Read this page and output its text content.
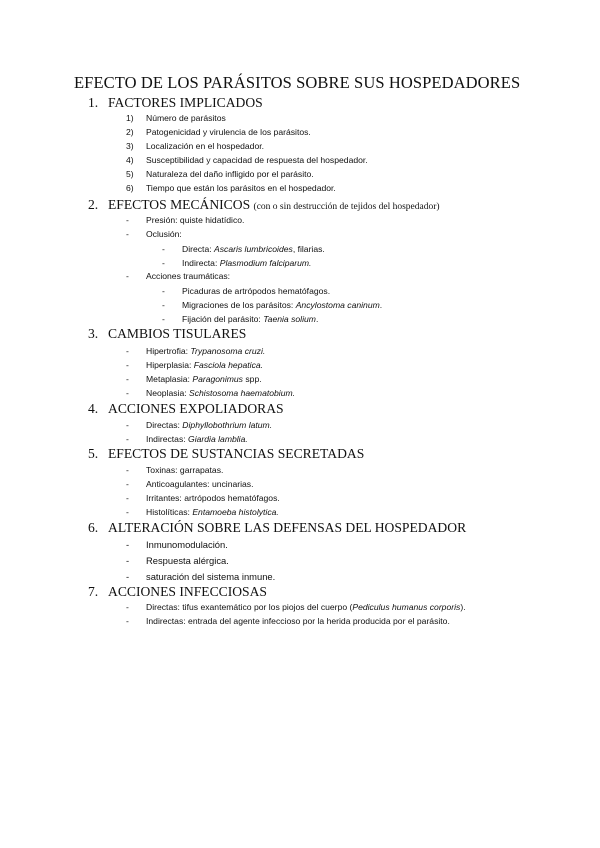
EFECTO DE LOS PARÁSITOS SOBRE SUS HOSPEDADORES
1. FACTORES IMPLICADOS
1) Número de parásitos
2) Patogenicidad y virulencia de los parásitos.
3) Localización en el hospedador.
4) Susceptibilidad y capacidad de respuesta del hospedador.
5) Naturaleza del daño infligido por el parásito.
6) Tiempo que están los parásitos en el hospedador.
2. EFECTOS MECÁNICOS (con o sin destrucción de tejidos del hospedador)
- Presión: quiste hidatídico.
- Oclusión:
- Directa: Ascaris lumbricoides, filarias.
- Indirecta: Plasmodium falciparum.
- Acciones traumáticas:
- Picaduras de artrópodos hematófagos.
- Migraciones de los parásitos: Ancylostoma caninum.
- Fijación del parásito: Taenia solium.
3. CAMBIOS TISULARES
- Hipertrofia: Trypanosoma cruzi.
- Hiperplasia: Fasciola hepatica.
- Metaplasia: Paragonimus spp.
- Neoplasia: Schistosoma haematobium.
4. ACCIONES EXPOLIADORAS
- Directas: Diphyllobothrium latum.
- Indirectas: Giardia lamblia.
5. EFECTOS DE SUSTANCIAS SECRETADAS
- Toxinas: garrapatas.
- Anticoagulantes: uncinarias.
- Irritantes: artrópodos hematófagos.
- Histolíticas: Entamoeba histolytica.
6. ALTERACIÓN SOBRE LAS DEFENSAS DEL HOSPEDADOR
- Inmunomodulación.
- Respuesta alérgica.
- saturación del sistema inmune.
7. ACCIONES INFECCIOSAS
- Directas: tifus exantemático por los piojos del cuerpo (Pediculus humanus corporis).
- Indirectas: entrada del agente infeccioso por la herida producida por el parásito.
